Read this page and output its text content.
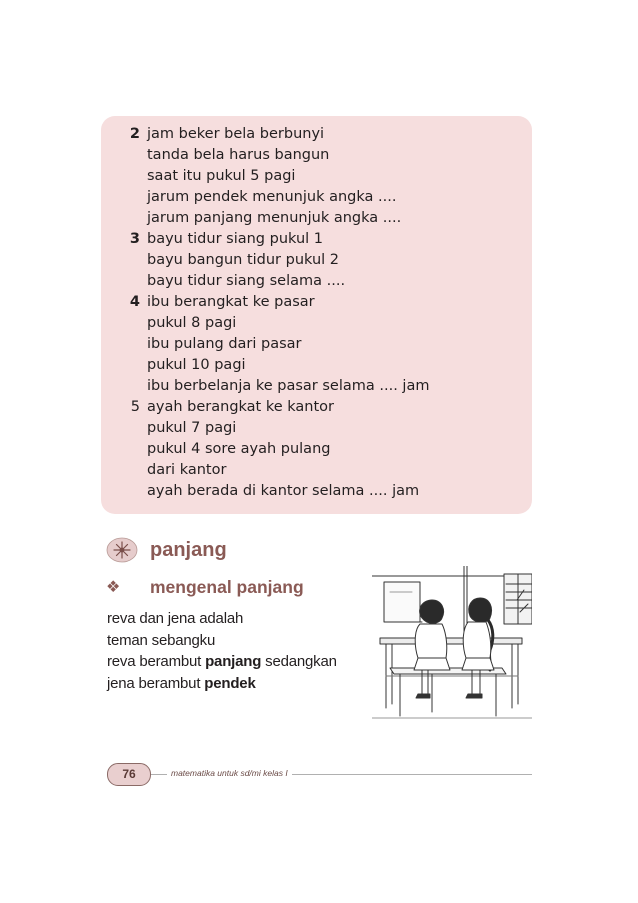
2 jam beker bela berbunyi
tanda bela harus bangun
saat itu pukul 5 pagi
jarum pendek menunjuk angka ....
jarum panjang menunjuk angka ....
3 bayu tidur siang pukul 1
bayu bangun tidur pukul 2
bayu tidur siang selama ....
4 ibu berangkat ke pasar
pukul 8 pagi
ibu pulang dari pasar
pukul 10 pagi
ibu berbelanja ke pasar selama .... jam
5 ayah berangkat ke kantor
pukul 7 pagi
pukul 4 sore ayah pulang
dari kantor
ayah berada di kantor selama .... jam
panjang
❖ mengenal panjang
reva dan jena adalah
teman sebangku
reva berambut panjang sedangkan
jena berambut pendek
76	matematika untuk sd/mi kelas I
